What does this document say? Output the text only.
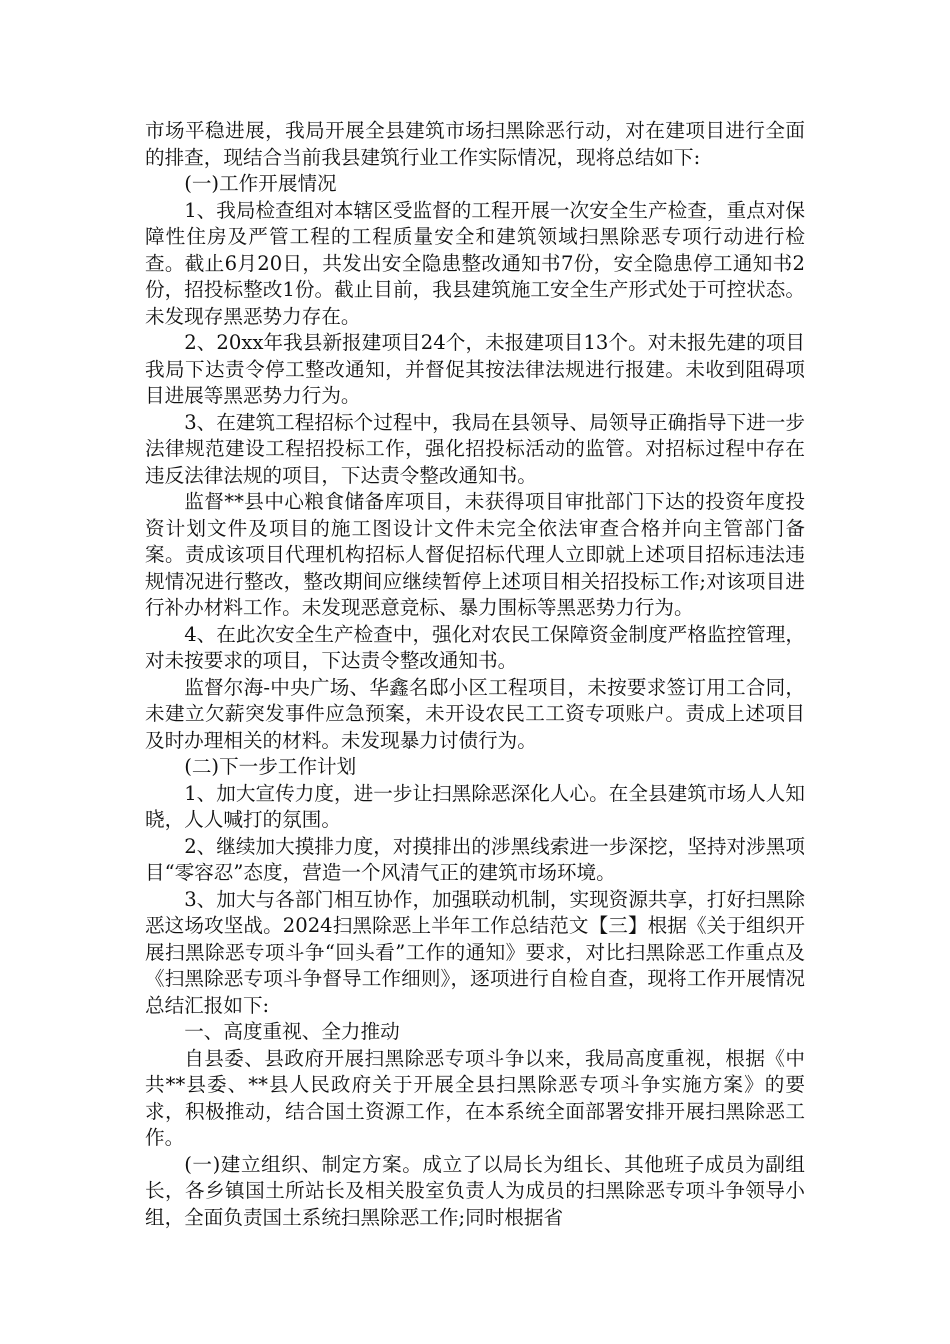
市场平稳进展，我局开展全县建筑市场扫黑除恶行动，对在建项目进行全面的排查，现结合当前我县建筑行业工作实际情况，现将总结如下:

(一)工作开展情况

1、我局检查组对本辖区受监督的工程开展一次安全生产检查，重点对保障性住房及严管工程的工程质量安全和建筑领域扫黑除恶专项行动进行检查。截止6月20日，共发出安全隐患整改通知书7份，安全隐患停工通知书2份，招投标整改1份。截止目前，我县建筑施工安全生产形式处于可控状态。未发现存黑恶势力存在。

2、20xx年我县新报建项目24个，未报建项目13个。对未报先建的项目我局下达责令停工整改通知，并督促其按法律法规进行报建。未收到阻碍项目进展等黑恶势力行为。

3、在建筑工程招标个过程中，我局在县领导、局领导正确指导下进一步法律规范建设工程招投标工作，强化招投标活动的监管。对招标过程中存在违反法律法规的项目，下达责令整改通知书。

监督**县中心粮食储备库项目，未获得项目审批部门下达的投资年度投资计划文件及项目的施工图设计文件未完全依法审查合格并向主管部门备案。责成该项目代理机构招标人督促招标代理人立即就上述项目招标违法违规情况进行整改，整改期间应继续暂停上述项目相关招投标工作;对该项目进行补办材料工作。未发现恶意竞标、暴力围标等黑恶势力行为。

4、在此次安全生产检查中，强化对农民工保障资金制度严格监控管理，对未按要求的项目，下达责令整改通知书。

监督尔海-中央广场、华鑫名邸小区工程项目，未按要求签订用工合同，未建立欠薪突发事件应急预案，未开设农民工工资专项账户。责成上述项目及时办理相关的材料。未发现暴力讨债行为。

(二)下一步工作计划

1、加大宣传力度，进一步让扫黑除恶深化人心。在全县建筑市场人人知晓，人人喊打的氛围。

2、继续加大摸排力度，对摸排出的涉黑线索进一步深挖，坚持对涉黑项目“零容忍”态度，营造一个风清气正的建筑市场环境。

3、加大与各部门相互协作，加强联动机制，实现资源共享，打好扫黑除恶这场攻坚战。2024扫黑除恶上半年工作总结范文【三】根据《关于组织开展扫黑除恶专项斗争“回头看”工作的通知》要求，对比扫黑除恶工作重点及《扫黑除恶专项斗争督导工作细则》，逐项进行自检自查，现将工作开展情况总结汇报如下:

一、高度重视、全力推动

自县委、县政府开展扫黑除恶专项斗争以来，我局高度重视，根据《中共**县委、**县人民政府关于开展全县扫黑除恶专项斗争实施方案》的要求，积极推动，结合国土资源工作，在本系统全面部署安排开展扫黑除恶工作。

(一)建立组织、制定方案。成立了以局长为组长、其他班子成员为副组长，各乡镇国土所站长及相关股室负责人为成员的扫黑除恶专项斗争领导小组，全面负责国土系统扫黑除恶工作;同时根据省
